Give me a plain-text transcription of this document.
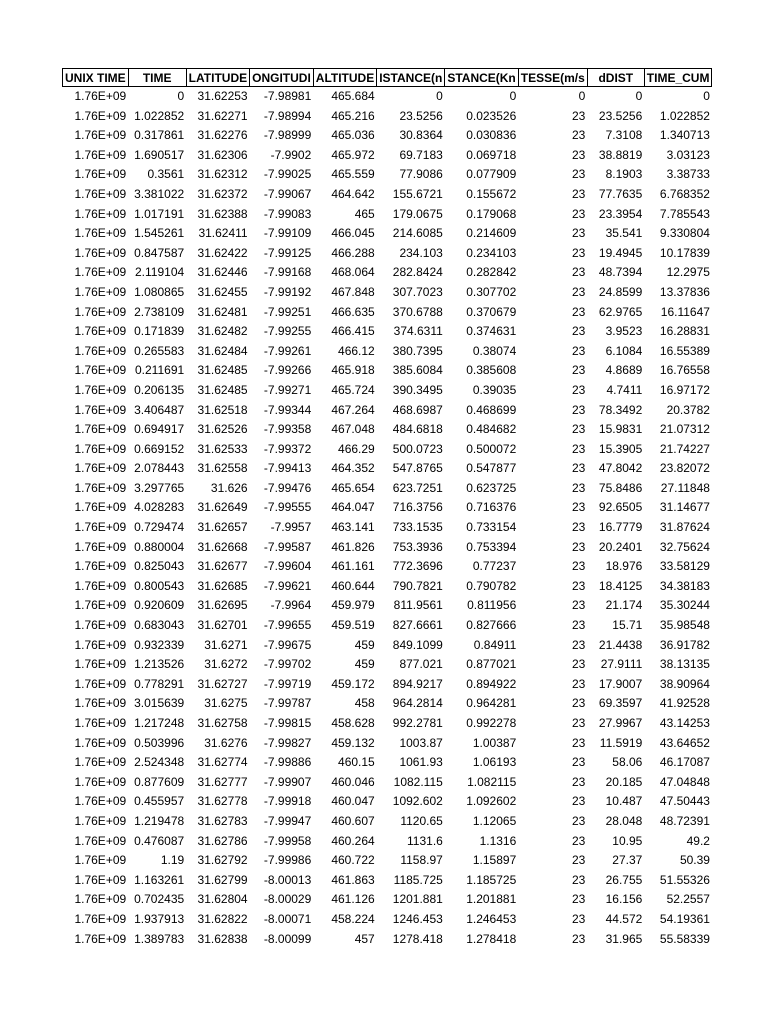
UNIX TIME	TIME	LATITUDE	ONGITUDI	ALTITUDE	ISTANCE(n	STANCE(Kn	TESSE(m/s	dDIST	TIME_CUM
1.76E+09	0	31.62253	-7.98981	465.684	0	0	0	0	0
1.76E+09	1.022852	31.62271	-7.98994	465.216	23.5256	0.023526	23	23.5256	1.022852
1.76E+09	0.317861	31.62276	-7.98999	465.036	30.8364	0.030836	23	7.3108	1.340713
1.76E+09	1.690517	31.62306	-7.9902	465.972	69.7183	0.069718	23	38.8819	3.03123
1.76E+09	0.3561	31.62312	-7.99025	465.559	77.9086	0.077909	23	8.1903	3.38733
1.76E+09	3.381022	31.62372	-7.99067	464.642	155.6721	0.155672	23	77.7635	6.768352
1.76E+09	1.017191	31.62388	-7.99083	465	179.0675	0.179068	23	23.3954	7.785543
1.76E+09	1.545261	31.62411	-7.99109	466.045	214.6085	0.214609	23	35.541	9.330804
1.76E+09	0.847587	31.62422	-7.99125	466.288	234.103	0.234103	23	19.4945	10.17839
1.76E+09	2.119104	31.62446	-7.99168	468.064	282.8424	0.282842	23	48.7394	12.2975
1.76E+09	1.080865	31.62455	-7.99192	467.848	307.7023	0.307702	23	24.8599	13.37836
1.76E+09	2.738109	31.62481	-7.99251	466.635	370.6788	0.370679	23	62.9765	16.11647
1.76E+09	0.171839	31.62482	-7.99255	466.415	374.6311	0.374631	23	3.9523	16.28831
1.76E+09	0.265583	31.62484	-7.99261	466.12	380.7395	0.38074	23	6.1084	16.55389
1.76E+09	0.211691	31.62485	-7.99266	465.918	385.6084	0.385608	23	4.8689	16.76558
1.76E+09	0.206135	31.62485	-7.99271	465.724	390.3495	0.39035	23	4.7411	16.97172
1.76E+09	3.406487	31.62518	-7.99344	467.264	468.6987	0.468699	23	78.3492	20.3782
1.76E+09	0.694917	31.62526	-7.99358	467.048	484.6818	0.484682	23	15.9831	21.07312
1.76E+09	0.669152	31.62533	-7.99372	466.29	500.0723	0.500072	23	15.3905	21.74227
1.76E+09	2.078443	31.62558	-7.99413	464.352	547.8765	0.547877	23	47.8042	23.82072
1.76E+09	3.297765	31.626	-7.99476	465.654	623.7251	0.623725	23	75.8486	27.11848
1.76E+09	4.028283	31.62649	-7.99555	464.047	716.3756	0.716376	23	92.6505	31.14677
1.76E+09	0.729474	31.62657	-7.9957	463.141	733.1535	0.733154	23	16.7779	31.87624
1.76E+09	0.880004	31.62668	-7.99587	461.826	753.3936	0.753394	23	20.2401	32.75624
1.76E+09	0.825043	31.62677	-7.99604	461.161	772.3696	0.77237	23	18.976	33.58129
1.76E+09	0.800543	31.62685	-7.99621	460.644	790.7821	0.790782	23	18.4125	34.38183
1.76E+09	0.920609	31.62695	-7.9964	459.979	811.9561	0.811956	23	21.174	35.30244
1.76E+09	0.683043	31.62701	-7.99655	459.519	827.6661	0.827666	23	15.71	35.98548
1.76E+09	0.932339	31.6271	-7.99675	459	849.1099	0.84911	23	21.4438	36.91782
1.76E+09	1.213526	31.6272	-7.99702	459	877.021	0.877021	23	27.9111	38.13135
1.76E+09	0.778291	31.62727	-7.99719	459.172	894.9217	0.894922	23	17.9007	38.90964
1.76E+09	3.015639	31.6275	-7.99787	458	964.2814	0.964281	23	69.3597	41.92528
1.76E+09	1.217248	31.62758	-7.99815	458.628	992.2781	0.992278	23	27.9967	43.14253
1.76E+09	0.503996	31.6276	-7.99827	459.132	1003.87	1.00387	23	11.5919	43.64652
1.76E+09	2.524348	31.62774	-7.99886	460.15	1061.93	1.06193	23	58.06	46.17087
1.76E+09	0.877609	31.62777	-7.99907	460.046	1082.115	1.082115	23	20.185	47.04848
1.76E+09	0.455957	31.62778	-7.99918	460.047	1092.602	1.092602	23	10.487	47.50443
1.76E+09	1.219478	31.62783	-7.99947	460.607	1120.65	1.12065	23	28.048	48.72391
1.76E+09	0.476087	31.62786	-7.99958	460.264	1131.6	1.1316	23	10.95	49.2
1.76E+09	1.19	31.62792	-7.99986	460.722	1158.97	1.15897	23	27.37	50.39
1.76E+09	1.163261	31.62799	-8.00013	461.863	1185.725	1.185725	23	26.755	51.55326
1.76E+09	0.702435	31.62804	-8.00029	461.126	1201.881	1.201881	23	16.156	52.2557
1.76E+09	1.937913	31.62822	-8.00071	458.224	1246.453	1.246453	23	44.572	54.19361
1.76E+09	1.389783	31.62838	-8.00099	457	1278.418	1.278418	23	31.965	55.58339
